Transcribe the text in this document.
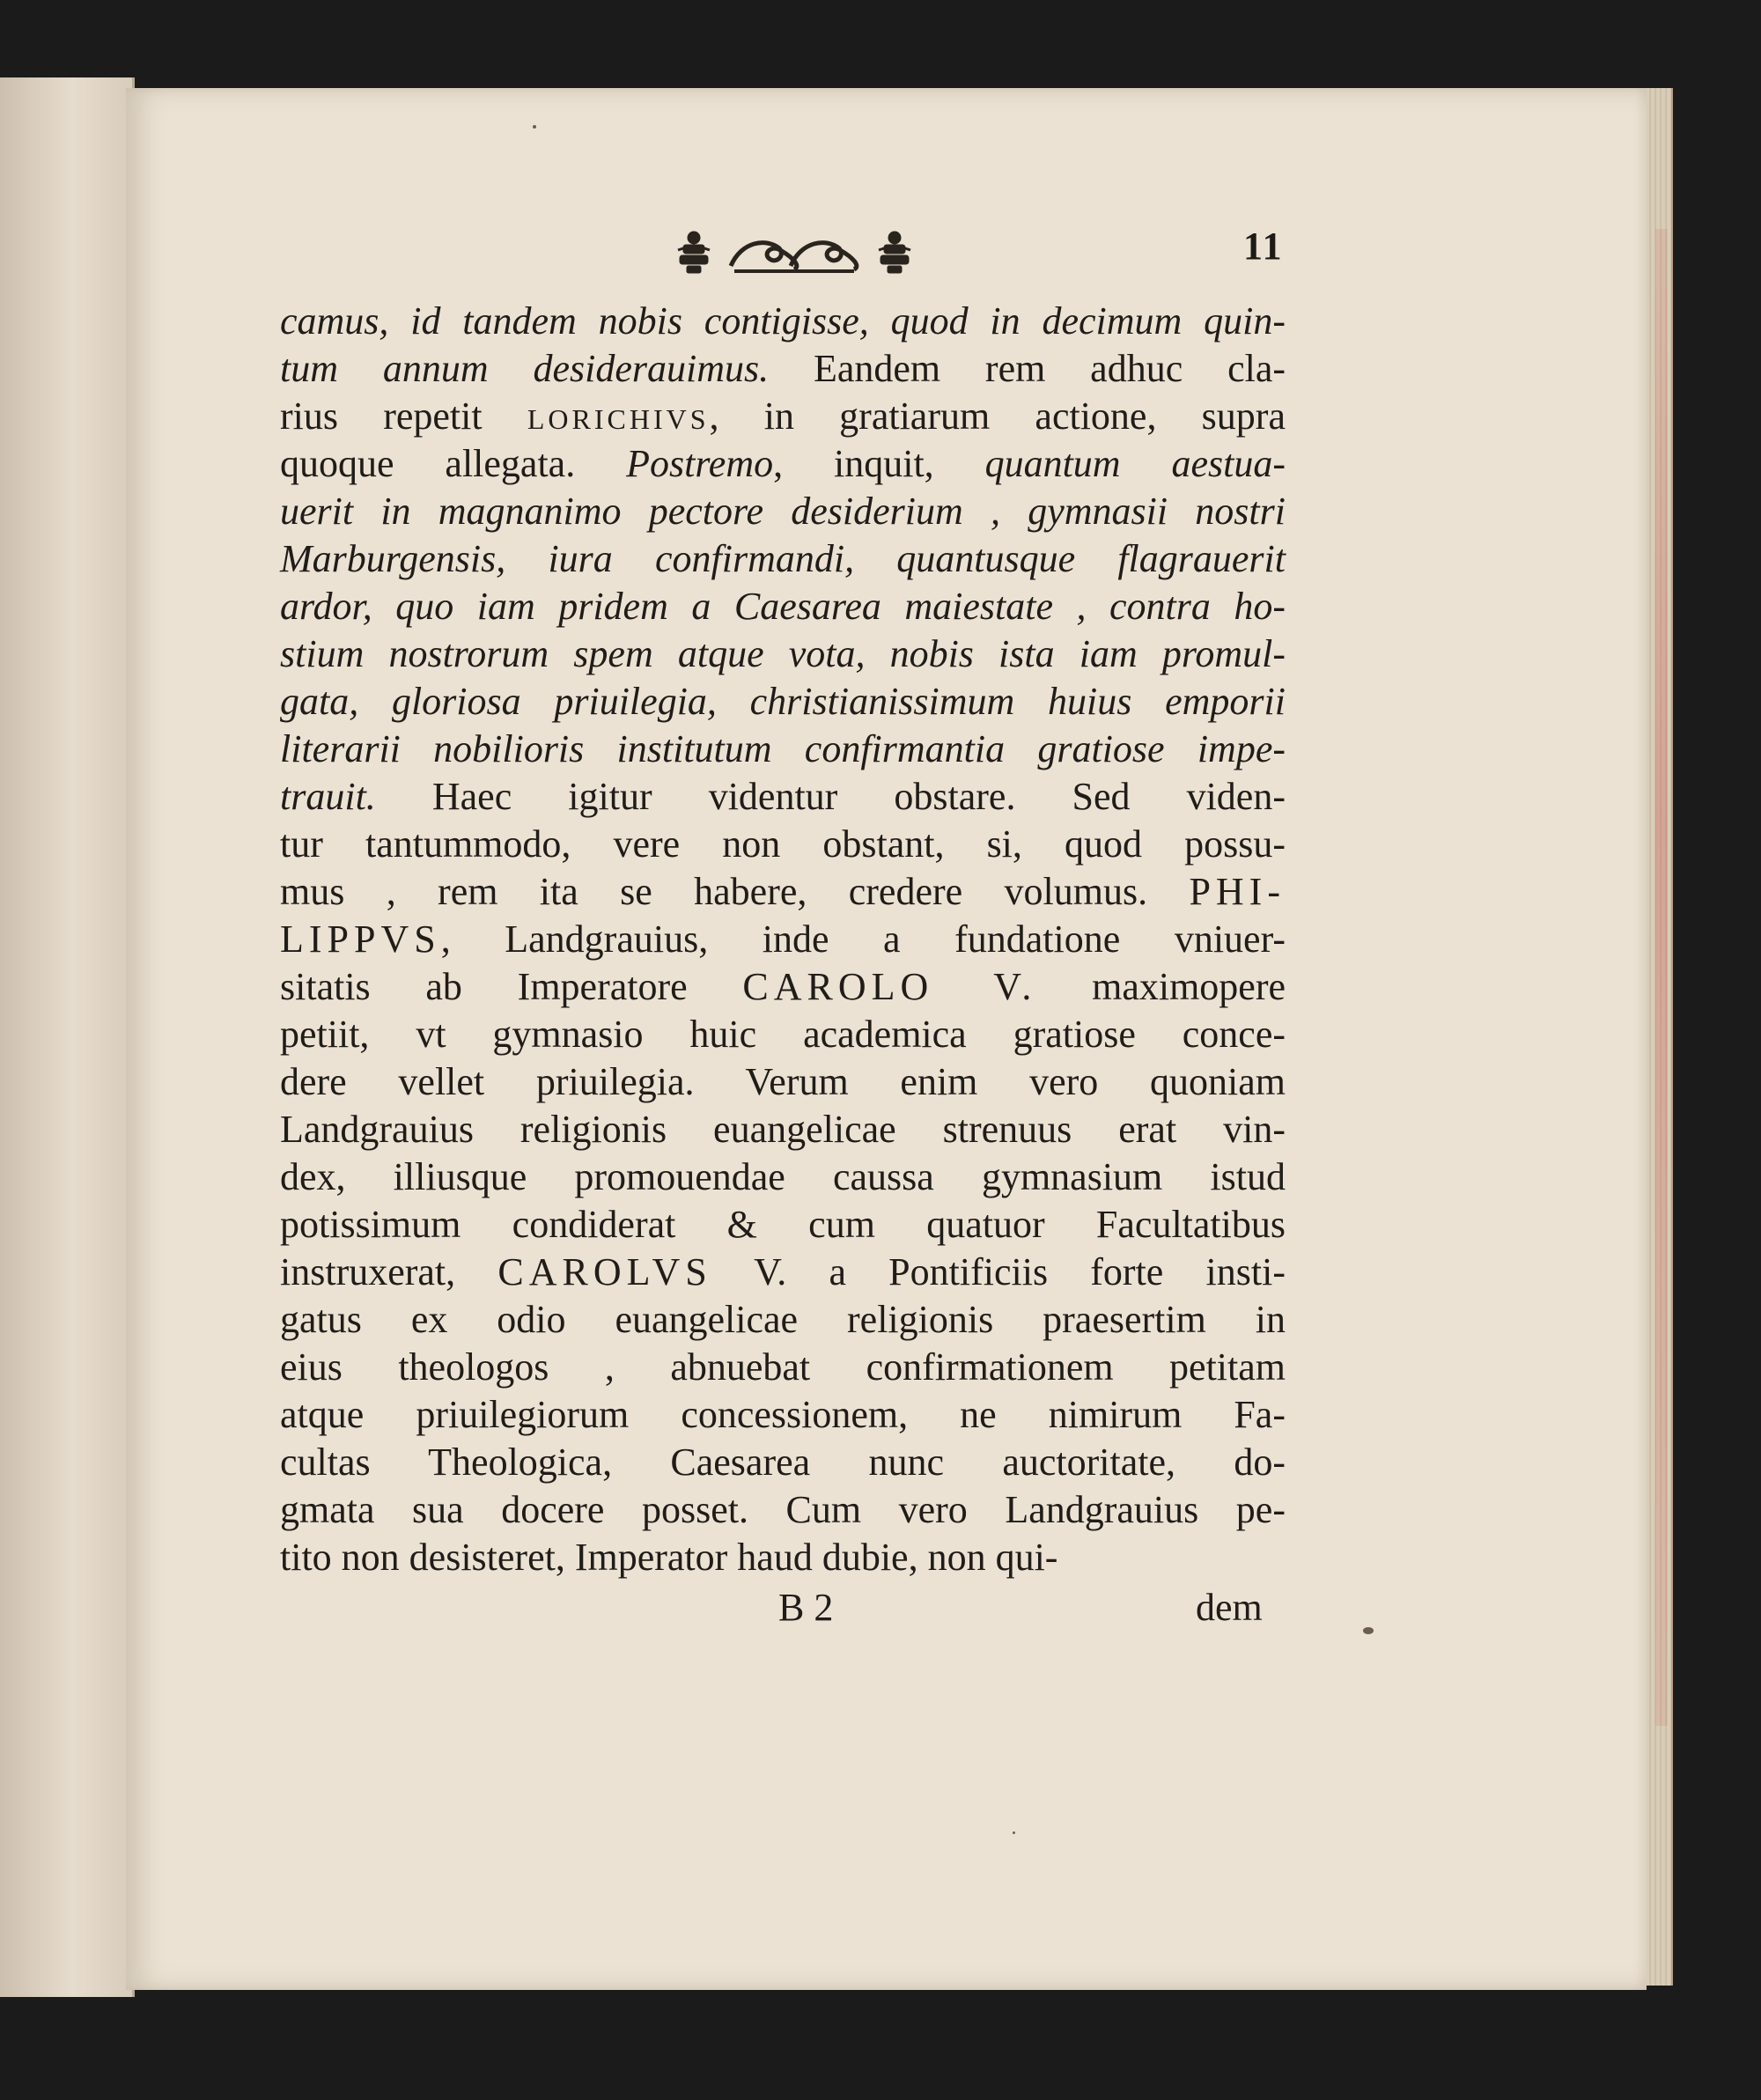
11
camus, id tandem nobis contigisse, quod in decimum quin-
tum annum desiderauimus. Eandem rem adhuc cla-
rius repetit LORICHIVS, in gratiarum actione, supra
quoque allegata. Postremo, inquit, quantum aestua-
uerit in magnanimo pectore desiderium , gymnasii nostri
Marburgensis, iura confirmandi, quantusque flagrauerit
ardor, quo iam pridem a Caesarea maiestate , contra ho-
stium nostrorum spem atque vota, nobis ista iam promul-
gata, gloriosa priuilegia, christianissimum huius emporii
literarii nobilioris institutum confirmantia gratiose impe-
trauit. Haec igitur videntur obstare. Sed viden-
tur tantummodo, vere non obstant, si, quod possu-
mus , rem ita se habere, credere volumus. PHI-
LIPPVS, Landgrauius, inde a fundatione vniuer-
sitatis ab Imperatore CAROLO V. maximopere
petiit, vt gymnasio huic academica gratiose conce-
dere vellet priuilegia. Verum enim vero quoniam
Landgrauius religionis euangelicae strenuus erat vin-
dex, illiusque promouendae caussa gymnasium istud
potissimum condiderat & cum quatuor Facultatibus
instruxerat, CAROLVS V. a Pontificiis forte insti-
gatus ex odio euangelicae religionis praesertim in
eius theologos , abnuebat confirmationem petitam
atque priuilegiorum concessionem, ne nimirum Fa-
cultas Theologica, Caesarea nunc auctoritate, do-
gmata sua docere posset. Cum vero Landgrauius pe-
tito non desisteret, Imperator haud dubie, non qui-
B 2	dem
